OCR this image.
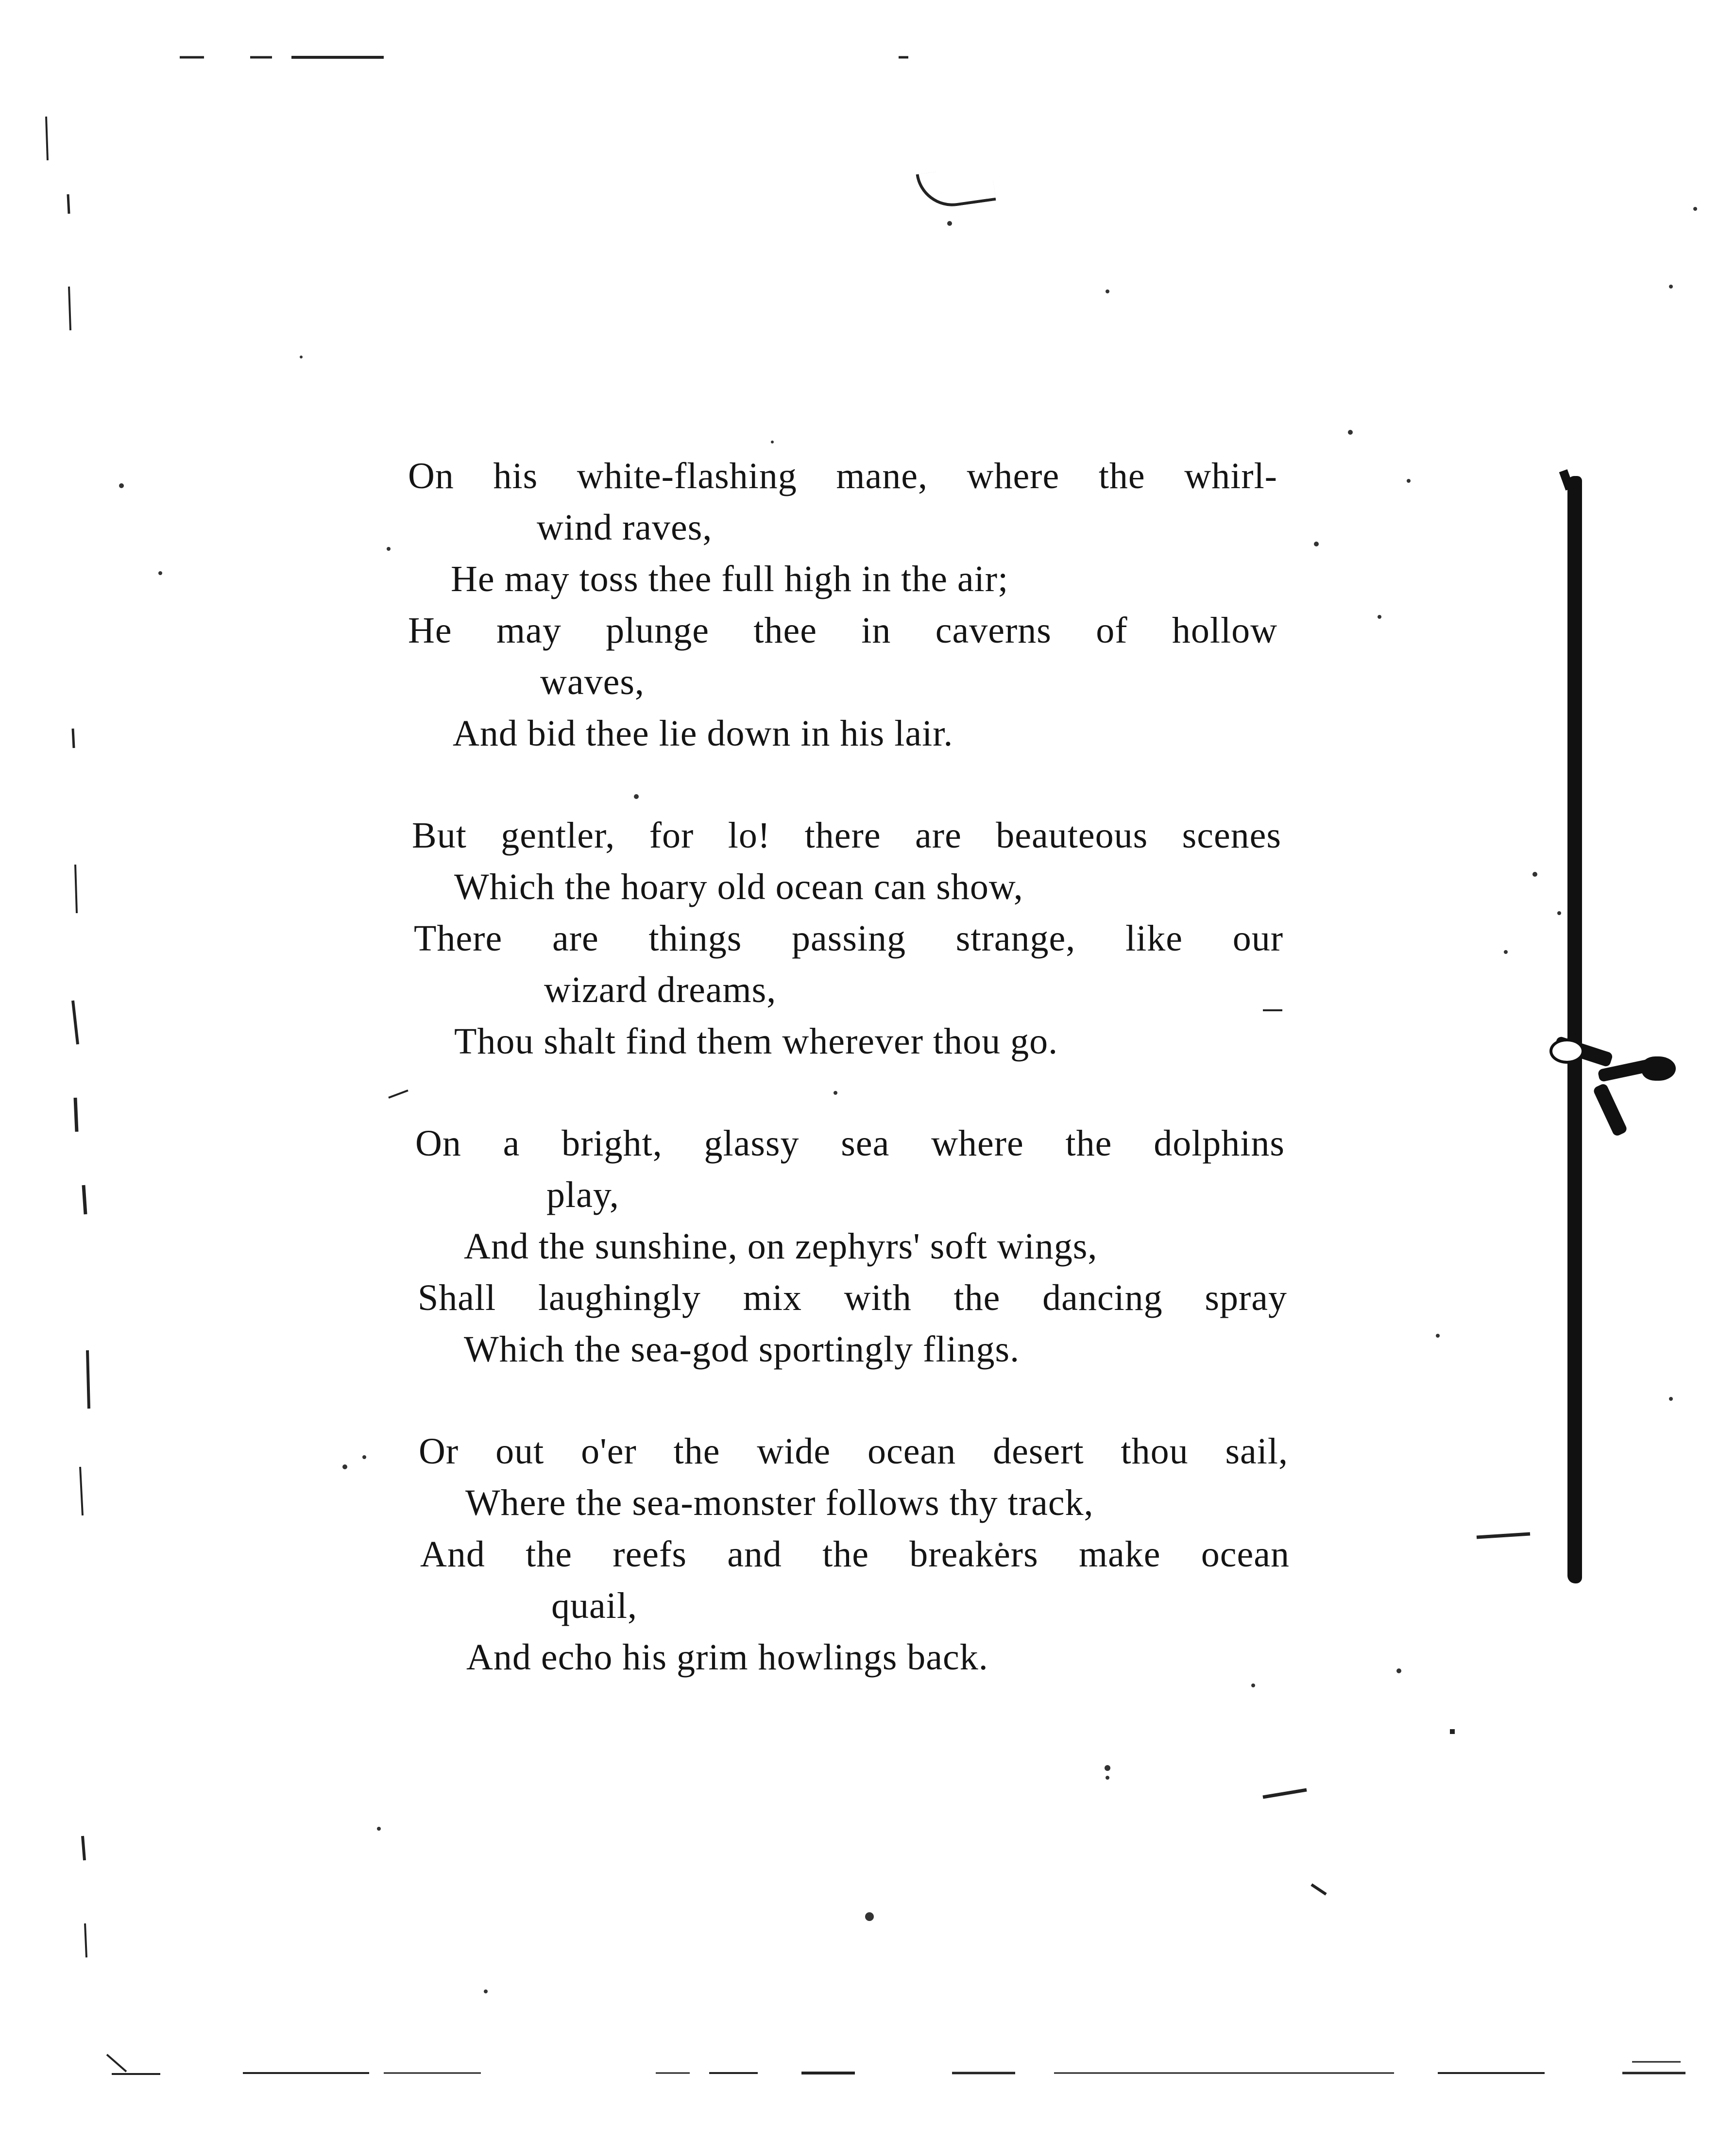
On his white-flashing mane, where the whirl-
wind raves,
He may toss thee full high in the air;
He may plunge thee in caverns of hollow
waves,
And bid thee lie down in his lair.
But gentler, for lo! there are beauteous scenes
Which the hoary old ocean can show,
There are things passing strange, like our
wizard dreams,
Thou shalt find them wherever thou go.
On a bright, glassy sea where the dolphins
play,
And the sunshine, on zephyrs' soft wings,
Shall laughingly mix with the dancing spray
Which the sea-god sportingly flings.
Or out o'er the wide ocean desert thou sail,
Where the sea-monster follows thy track,
And the reefs and the breakers make ocean
quail,
And echo his grim howlings back.
